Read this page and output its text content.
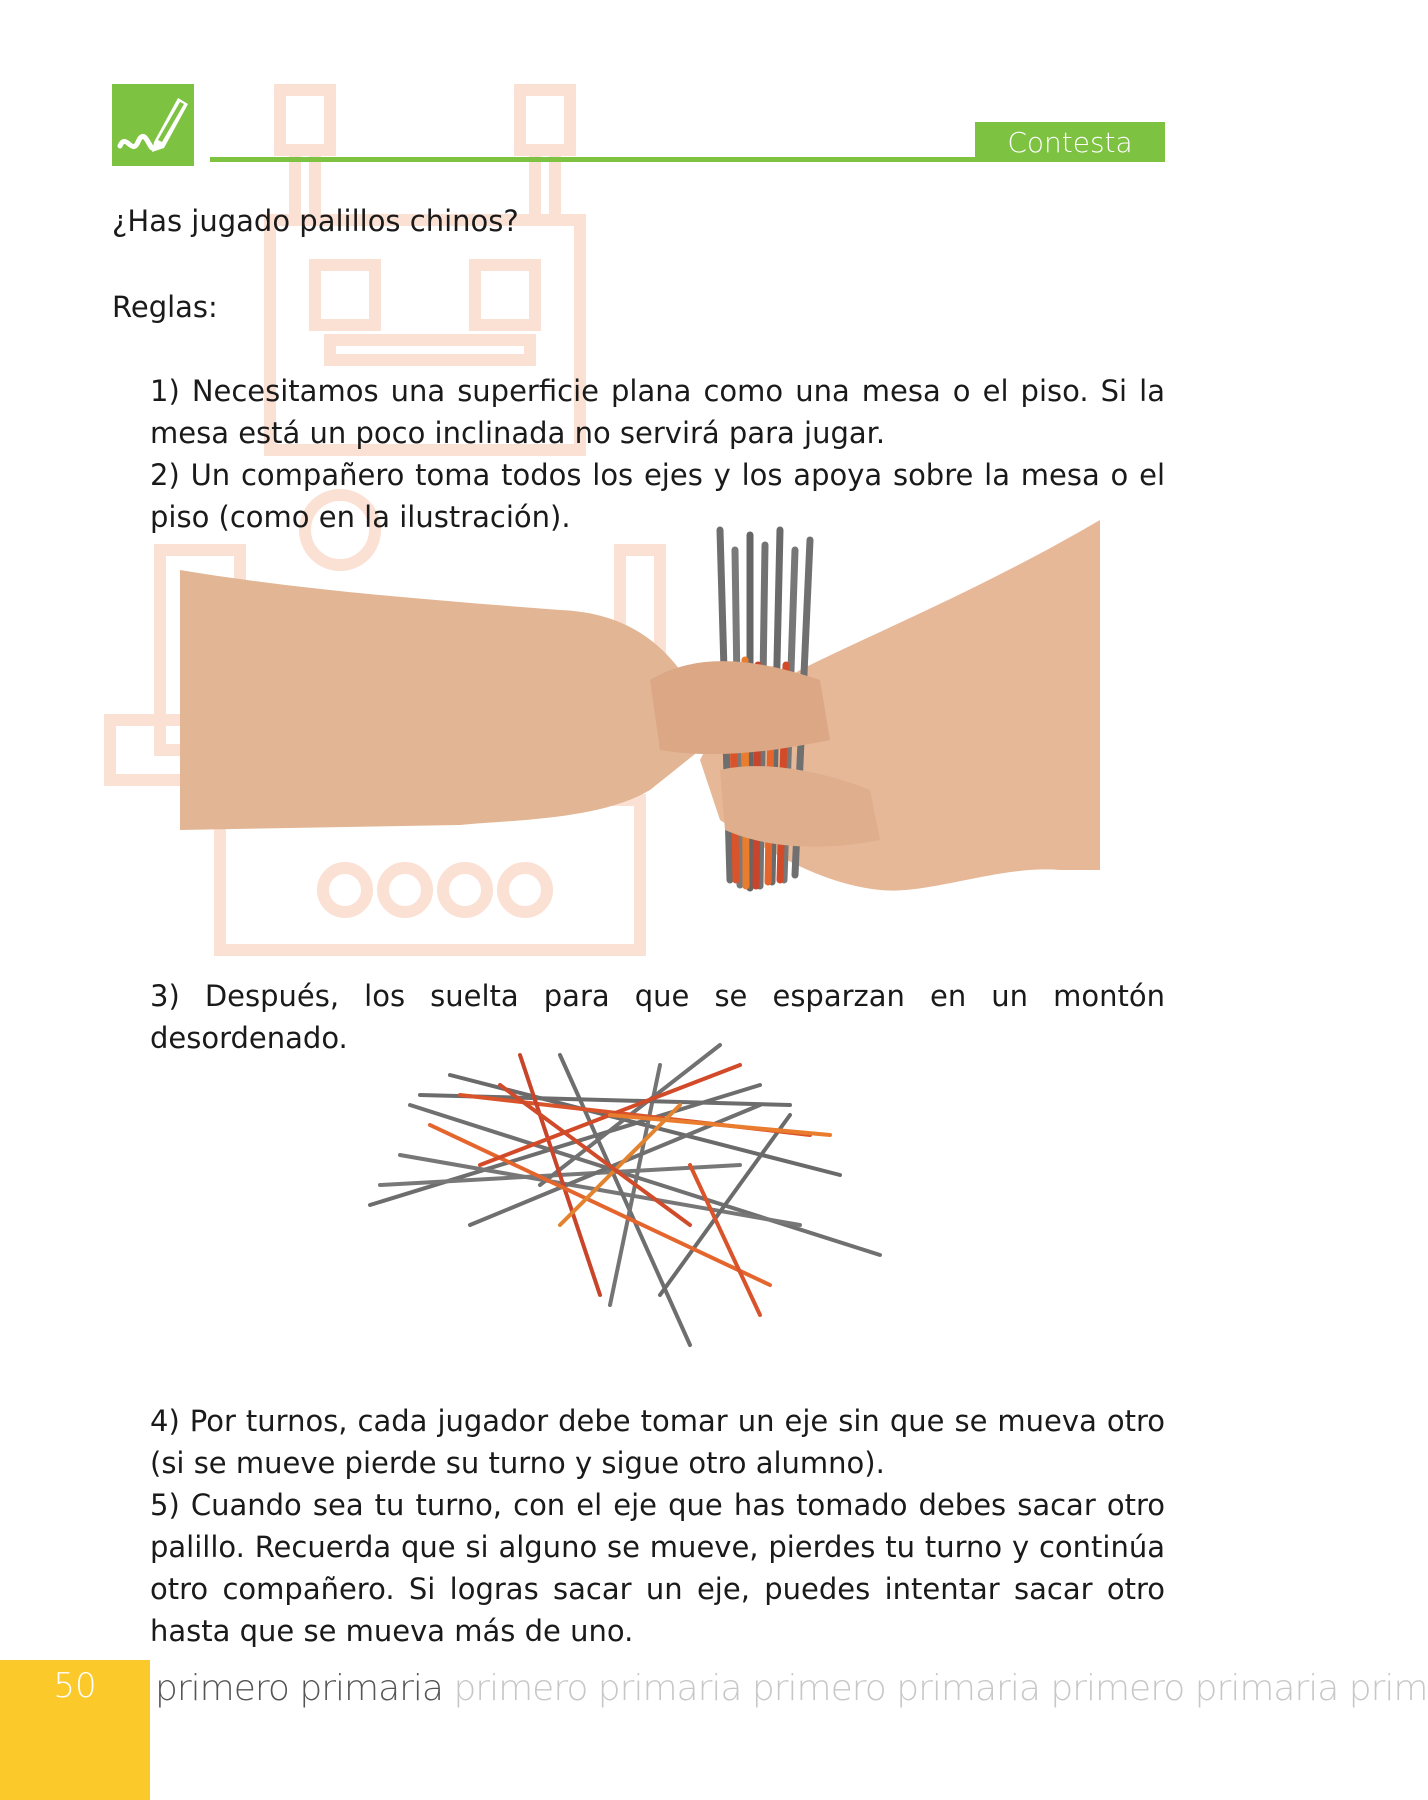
Contesta
¿Has jugado palillos chinos?
Reglas:
1) Necesitamos una superficie plana como una mesa o el piso. Si la mesa está un poco inclinada no servirá para jugar.
2) Un compañero toma todos los ejes y los apoya sobre la mesa o el piso (como en la ilustración).
3) Después, los suelta para que se esparzan en un montón desordenado.
4) Por turnos, cada jugador debe tomar un eje sin que se mueva otro (si se mueve pierde su turno y sigue otro alumno).
5) Cuando sea tu turno, con el eje que has tomado debes sacar otro palillo. Recuerda que si alguno se mueve, pierdes tu turno y continúa otro compañero. Si logras sacar un eje, puedes intentar sacar otro hasta que se mueva más de uno.
50	primero primaria primero primaria primero primaria primero primaria prim
